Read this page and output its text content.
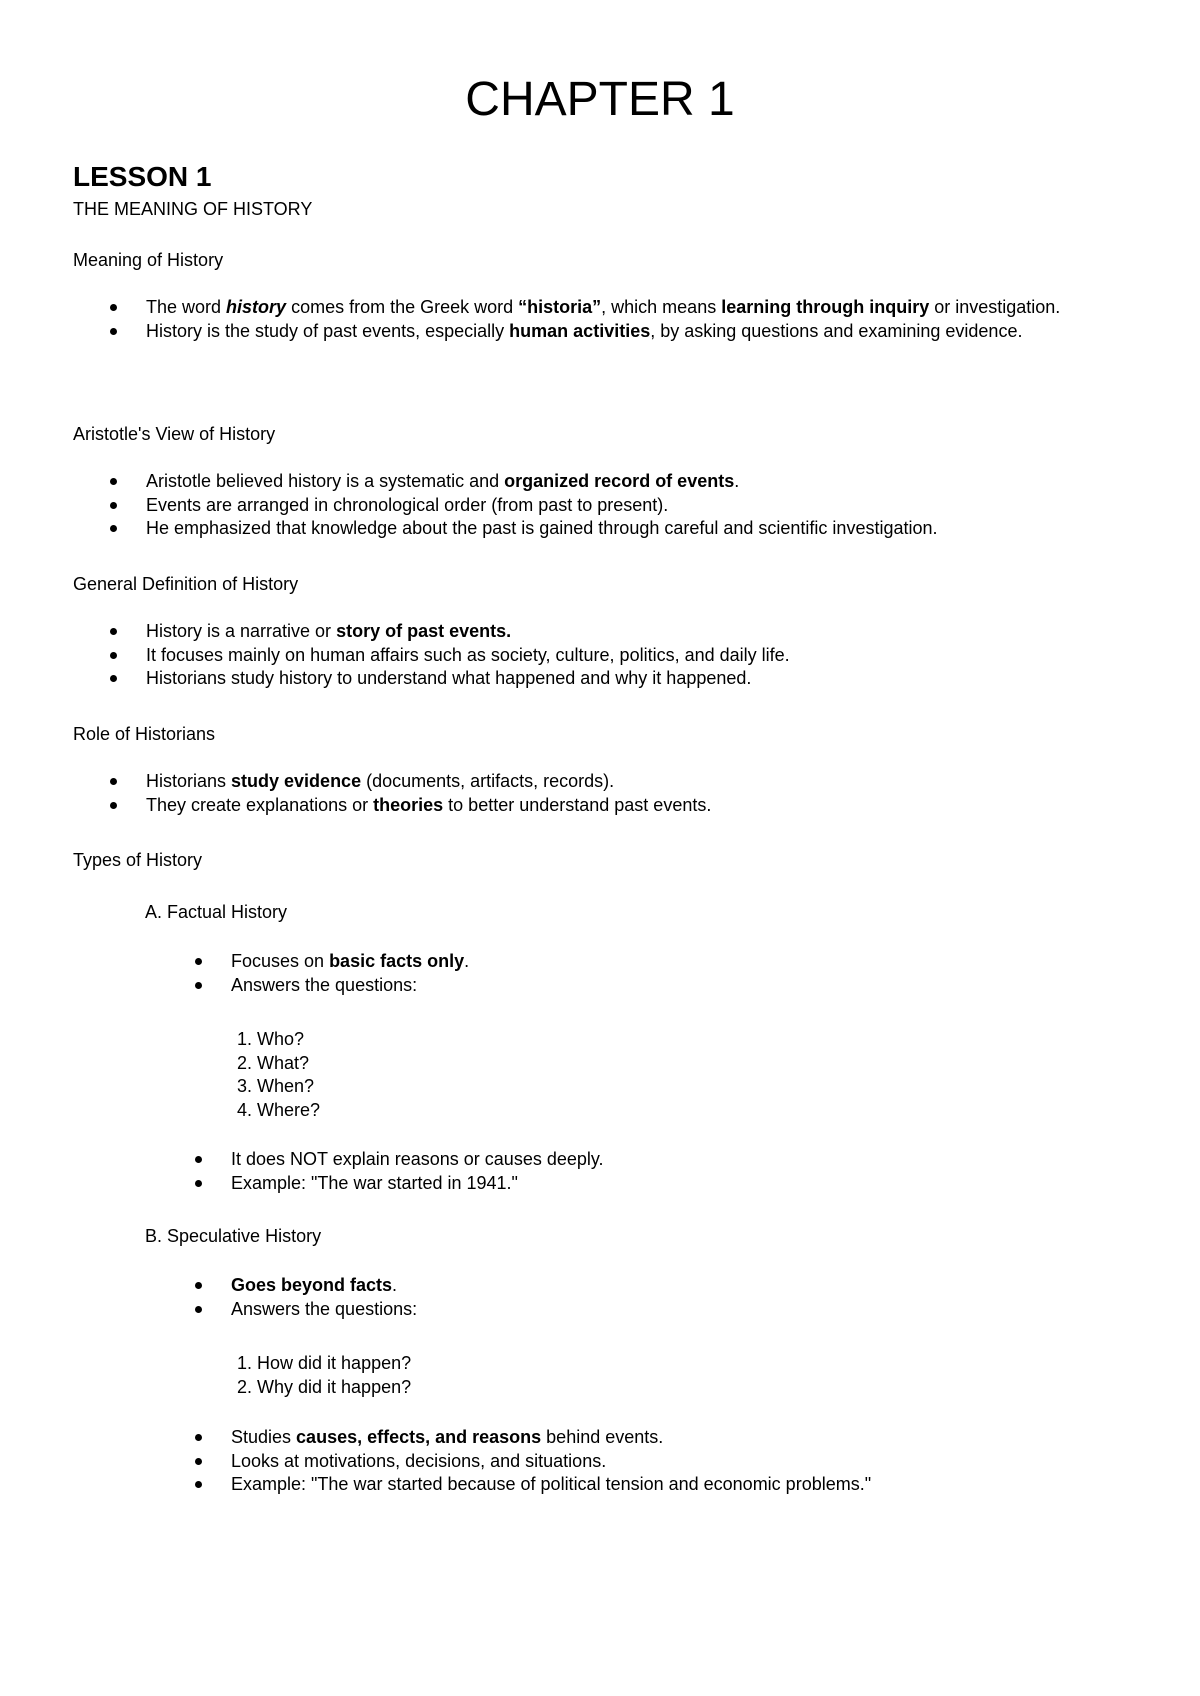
CHAPTER 1
LESSON 1

THE MEANING OF HISTORY

Meaning of History

The word history comes from the Greek word “historia”, which means learning through inquiry or investigation.
History is the study of past events, especially human activities, by asking questions and examining evidence.

Aristotle's View of History

Aristotle believed history is a systematic and organized record of events.
Events are arranged in chronological order (from past to present).
He emphasized that knowledge about the past is gained through careful and scientific investigation.

General Definition of History

History is a narrative or story of past events.
It focuses mainly on human affairs such as society, culture, politics, and daily life.
Historians study history to understand what happened and why it happened.

Role of Historians

Historians study evidence (documents, artifacts, records).
They create explanations or theories to better understand past events.

Types of History

A. Factual History

Focuses on basic facts only.
Answers the questions:
1. Who?
2. What?
3. When?
4. Where?
It does NOT explain reasons or causes deeply.
Example: "The war started in 1941."

B. Speculative History

Goes beyond facts.
Answers the questions:
1. How did it happen?
2. Why did it happen?
Studies causes, effects, and reasons behind events.
Looks at motivations, decisions, and situations.
Example: "The war started because of political tension and economic problems."
